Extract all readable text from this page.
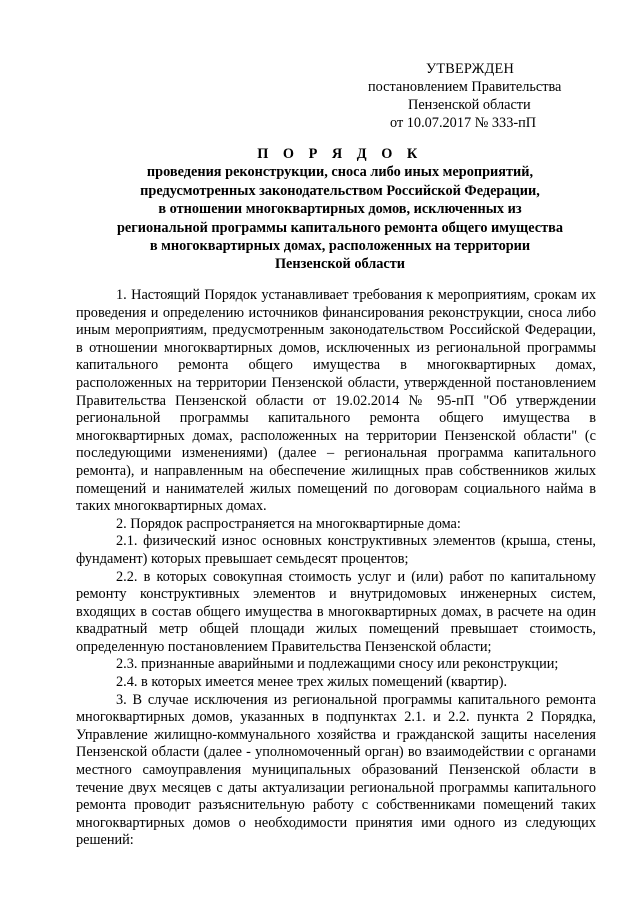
УТВЕРЖДЕН
постановлением Правительства
Пензенской области
от 10.07.2017 № 333-пП
П О Р Я Д О К
проведения реконструкции, сноса либо иных мероприятий,
предусмотренных законодательством Российской Федерации,
в отношении многоквартирных домов, исключенных из
региональной программы капитального ремонта общего имущества
в многоквартирных домах, расположенных на территории
Пензенской области

1. Настоящий Порядок устанавливает требования к мероприятиям, срокам их проведения и определению источников финансирования реконструкции, сноса либо иным мероприятиям, предусмотренным законодательством Российской Федерации, в отношении многоквартирных домов, исключенных из региональной программы капитального ремонта общего имущества в многоквартирных домах, расположенных на территории Пензенской области, утвержденной постановлением Правительства Пензенской области от 19.02.2014 № 95-пП "Об утверждении региональной программы капитального ремонта общего имущества в многоквартирных домах, расположенных на территории Пензенской области" (с последующими изменениями) (далее – региональная программа капитального ремонта), и направленным на обеспечение жилищных прав собственников жилых помещений и нанимателей жилых помещений по договорам социального найма в таких многоквартирных домах.

2. Порядок распространяется на многоквартирные дома:

2.1. физический износ основных конструктивных элементов (крыша, стены, фундамент) которых превышает семьдесят процентов;

2.2. в которых совокупная стоимость услуг и (или) работ по капитальному ремонту конструктивных элементов и внутридомовых инженерных систем, входящих в состав общего имущества в многоквартирных домах, в расчете на один квадратный метр общей площади жилых помещений превышает стоимость, определенную постановлением Правительства Пензенской области;

2.3. признанные аварийными и подлежащими сносу или реконструкции;

2.4. в которых имеется менее трех жилых помещений (квартир).

3. В случае исключения из региональной программы капитального ремонта многоквартирных домов, указанных в подпунктах 2.1. и 2.2. пункта 2 Порядка, Управление жилищно-коммунального хозяйства и гражданской защиты населения Пензенской области (далее - уполномоченный орган) во взаимодействии с органами местного самоуправления муниципальных образований Пензенской области в течение двух месяцев с даты актуализации региональной программы капитального ремонта проводит разъяснительную работу с собственниками помещений таких многоквартирных домов о необходимости принятия ими одного из следующих решений:
